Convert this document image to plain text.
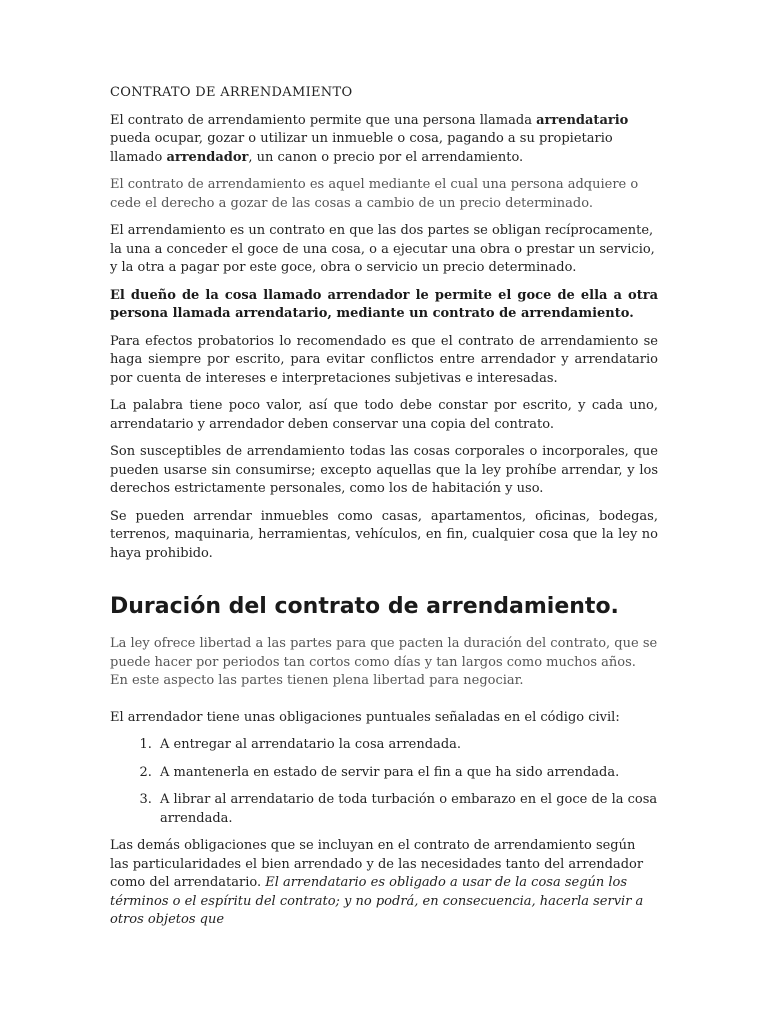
CONTRATO DE ARRENDAMIENTO

El contrato de arrendamiento permite que una persona llamada arrendatario pueda ocupar, gozar o utilizar un inmueble o cosa, pagando a su propietario llamado arrendador, un canon o precio por el arrendamiento.

El contrato de arrendamiento es aquel mediante el cual una persona adquiere o cede el derecho a gozar de las cosas a cambio de un precio determinado.

El arrendamiento es un contrato en que las dos partes se obligan recíprocamente, la una a conceder el goce de una cosa, o a ejecutar una obra o prestar un servicio, y la otra a pagar por este goce, obra o servicio un precio determinado.

El dueño de la cosa llamado arrendador le permite el goce de ella a otra persona llamada arrendatario, mediante un contrato de arrendamiento.

Para efectos probatorios lo recomendado es que el contrato de arrendamiento se haga siempre por escrito, para evitar conflictos entre arrendador y arrendatario por cuenta de intereses e interpretaciones subjetivas e interesadas.

La palabra tiene poco valor, así que todo debe constar por escrito, y cada uno, arrendatario y arrendador deben conservar una copia del contrato.

Son susceptibles de arrendamiento todas las cosas corporales o incorporales, que pueden usarse sin consumirse; excepto aquellas que la ley prohíbe arrendar, y los derechos estrictamente personales, como los de habitación y uso.

Se pueden arrendar inmuebles como casas, apartamentos, oficinas, bodegas, terrenos, maquinaria, herramientas, vehículos, en fin, cualquier cosa que la ley no haya prohibido.

Duración del contrato de arrendamiento.

La ley ofrece libertad a las partes para que pacten la duración del contrato, que se puede hacer por periodos tan cortos como días y tan largos como muchos años.
En este aspecto las partes tienen plena libertad para negociar.

El arrendador tiene unas obligaciones puntuales señaladas en el código civil:

1. A entregar al arrendatario la cosa arrendada.
2. A mantenerla en estado de servir para el fin a que ha sido arrendada.
3. A librar al arrendatario de toda turbación o embarazo en el goce de la cosa arrendada.

Las demás obligaciones que se incluyan en el contrato de arrendamiento según las particularidades el bien arrendado y de las necesidades tanto del arrendador como del arrendatario. El arrendatario es obligado a usar de la cosa según los términos o el espíritu del contrato; y no podrá, en consecuencia, hacerla servir a otros objetos que
